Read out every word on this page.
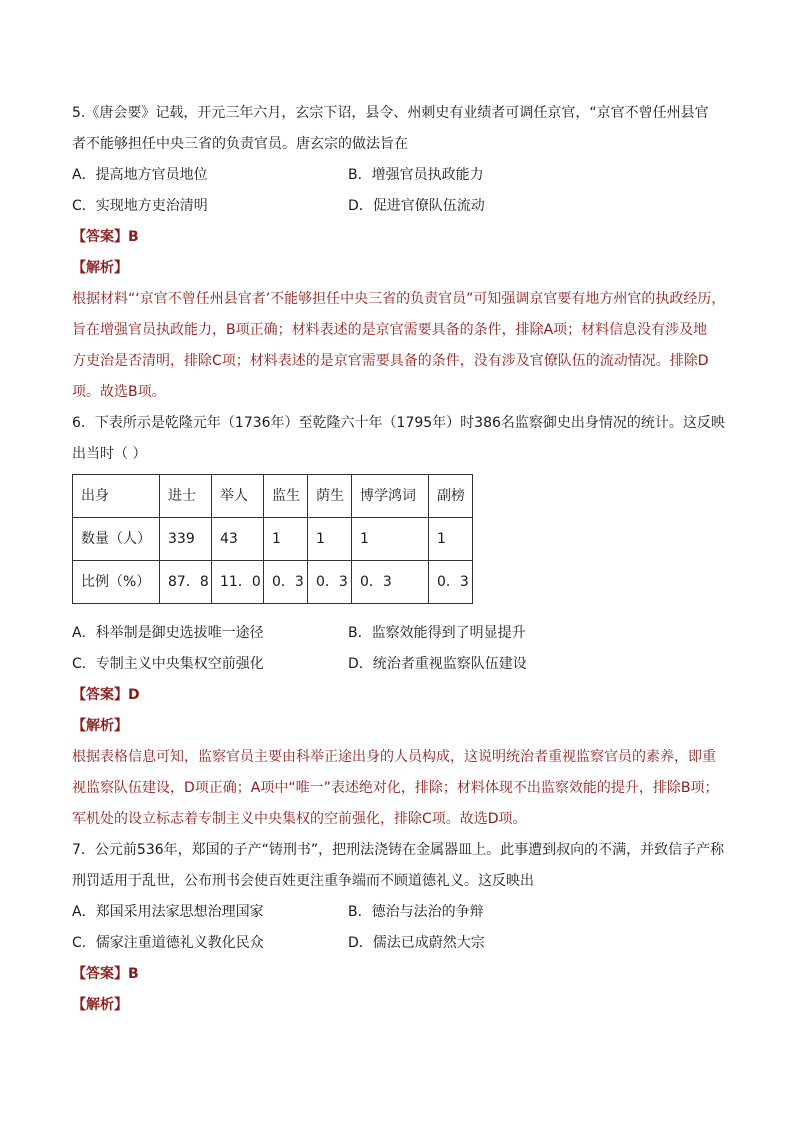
5.《唐会要》记载，开元三年六月，玄宗下诏，县令、州刺史有业绩者可调任京官，“京官不曾任州县官
者不能够担任中央三省的负责官员。唐玄宗的做法旨在
A．提高地方官员地位	B．增强官员执政能力
C．实现地方吏治清明	D．促进官僚队伍流动
【答案】B
【解析】
根据材料“‘京官不曾任州县官者’不能够担任中央三省的负责官员”可知强调京官要有地方州官的执政经历，
旨在增强官员执政能力，B项正确；材料表述的是京官需要具备的条件，排除A项；材料信息没有涉及地
方吏治是否清明，排除C项；材料表述的是京官需要具备的条件，没有涉及官僚队伍的流动情况。排除D
项。故选B项。
6．下表所示是乾隆元年（1736年）至乾隆六十年（1795年）时386名监察御史出身情况的统计。这反映
出当时（ ）
出身	进士	举人	监生	荫生	博学鸿词	副榜
数量（人）	339	43	1	1	1	1
比例（%）	87．8	11．0	0．3	0．3	0．3	0．3
A．科举制是御史选拔唯一途径	B．监察效能得到了明显提升
C．专制主义中央集权空前强化	D．统治者重视监察队伍建设
【答案】D
【解析】
根据表格信息可知，监察官员主要由科举正途出身的人员构成，这说明统治者重视监察官员的素养，即重
视监察队伍建设，D项正确；A项中“唯一”表述绝对化，排除；材料体现不出监察效能的提升，排除B项；
军机处的设立标志着专制主义中央集权的空前强化，排除C项。故选D项。
7．公元前536年，郑国的子产“铸刑书”，把刑法浇铸在金属器皿上。此事遭到叔向的不满，并致信子产称
刑罚适用于乱世，公布刑书会使百姓更注重争端而不顾道德礼义。这反映出
A．郑国采用法家思想治理国家	B．德治与法治的争辩
C．儒家注重道德礼义教化民众	D．儒法已成蔚然大宗
【答案】B
【解析】
